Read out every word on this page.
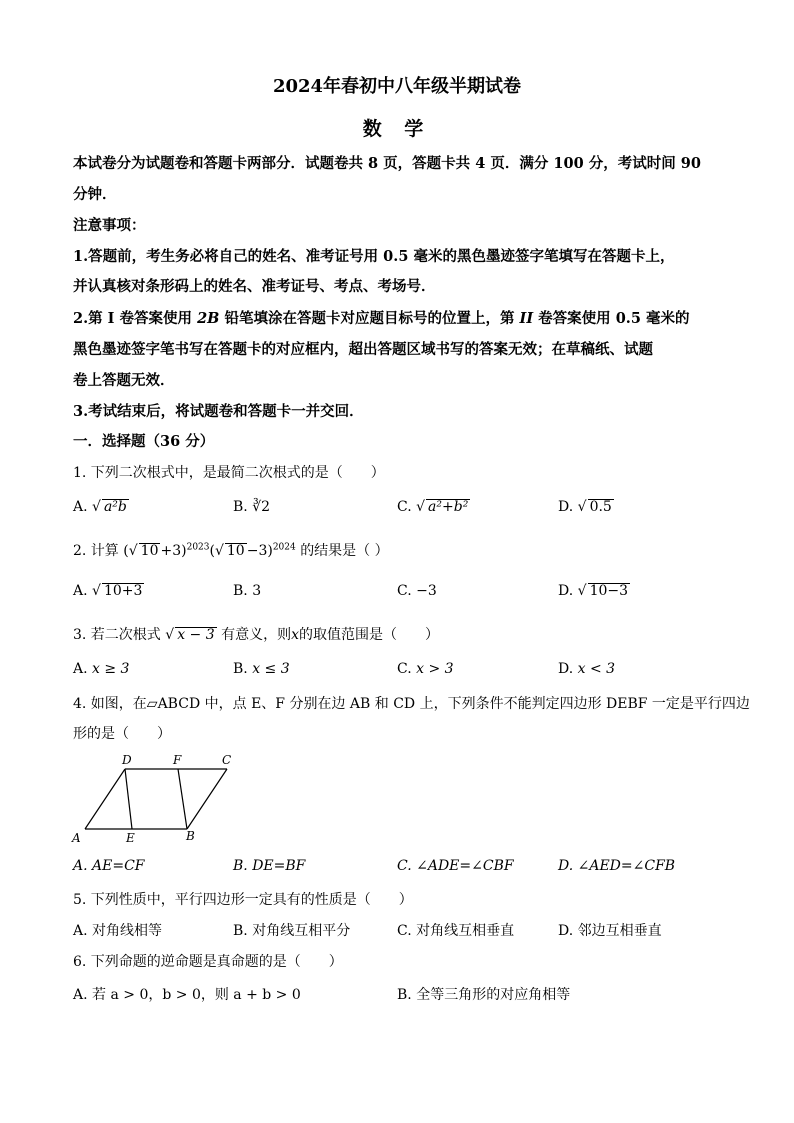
2024年春初中八年级半期试卷
数 学
本试卷分为试题卷和答题卡两部分．试题卷共 8 页，答题卡共 4 页．满分 100 分，考试时间 90
分钟．
注意事项：
1.答题前，考生务必将自己的姓名、准考证号用 0.5 毫米的黑色墨迹签字笔填写在答题卡上，
并认真核对条形码上的姓名、准考证号、考点、考场号．
2.第 I 卷答案使用 2B 铅笔填涂在答题卡对应题目标号的位置上，第 II 卷答案使用 0.5 毫米的
黑色墨迹签字笔书写在答题卡的对应框内，超出答题区域书写的答案无效；在草稿纸、试题
卷上答题无效．
3.考试结束后，将试题卷和答题卡一并交回．
一．选择题（36 分）
1. 下列二次根式中，是最简二次根式的是（　　）
A. √ a²b	B. ∛2	C. √ a²+b²	D. √ 0.5
2. 计算 (√ 10 +3)$^{2023}$(√ 10 −3)$^{2024}$ 的结果是（ ）
A. √ 10+3	B. 3	C. −3	D. √ 10−3
3. 若二次根式 √ x − 3 有意义，则x的取值范围是（　　）
A. x ≥ 3	B. x ≤ 3	C. x > 3	D. x < 3
4. 如图，在▱ABCD 中，点 E、F 分别在边 AB 和 CD 上，下列条件不能判定四边形 DEBF 一定是平行四边
形的是（　　）
D	F	C
A	E	B
A. AE=CF	B. DE=BF	C. ∠ADE=∠CBF	D. ∠AED=∠CFB
5. 下列性质中，平行四边形一定具有的性质是（　　）
A. 对角线相等	B. 对角线互相平分	C. 对角线互相垂直	D. 邻边互相垂直
6. 下列命题的逆命题是真命题的是（　　）
A. 若 a > 0，b > 0，则 a + b > 0	B. 全等三角形的对应角相等
